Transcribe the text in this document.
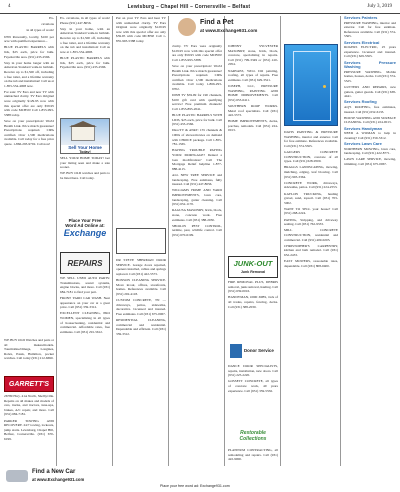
4	Lewisburg – Chapel Hill – Cornersville – Belfast	July 3, 2019

Ex-

cavations

in all types of work!

6709 Personally, locally, $100 per acre with qualified experience...

BLUE PLASTIC BARRELS with lids, $25 each, price for bulk. Fayetteville area. (931) 433-2566.

Stay in your home longer with an American Standard walk-in bathtub. Receive up to $1,500 off, including a free toilet, and a lifetime warranty on the tub and installation! Call us at 1-855-534-4008 now.

For sale: TV Ears and new TV with unmatched clarity. TV Ears Original were originally $129.95 now with this special offer are only $59.95 with code MCB59! Call 1-855-993-5388 today.

Save on your prescription! World Health Link. Price match guarantee! Prescriptions required. CIPA certified. Over 1,500 medications available. Call today for a free price quote. 1-866-293-9702. Call now!

WE BUY OLD Watches and parts or all makes/models. Tourmaline/Omega, Longines, Rolex, Patek, Hamilton, pocket watches. Call today (931) 212-6690.

GARRETT'S

26789 Hwy. 41A North, Shelbyville. Repairs on all makes and models of cars, trucks, and tractors, tune-ups, brakes, A/C repair, and more. Call (931) 684-7181.

PARKER TOWING AND RECOVERY. 24/7 towing, lockouts, jump starts. Lewisburg, Chapel Hill, Belfast, Cornersville. (931) 670-6199.

Ex- cavations, in all types of work! Phone (931) 447-8656.

Stay in your home, with an American Standard walk-in bathtub. Receive up to $1,500 off, including a free toilet, and a lifetime warranty on the tub and installation! Call us now at 1-855-534-4008.

BLUE PLASTIC BARRELS with lids, $25 each, price for bulk. Fayetteville area. (931) 433-2566.

Sell Your Home
Today!

SELL YOUR HOME TODAY! Get your listing seen and make a sale sooner.

WE BUY OLD watches and parts to be listed here. Call today.

Place Your Free
Word Ad Online at:
Exchange
REPAIRS

WE SELL USED AUTO PARTS: Transmissions, sound systems, engine blocks, and more. Call (931) 684-7181 to find your part.

FRONT YARD CAR WASH. Neat appearance on your car at a great price. Call (931) 359-3312.

EXCELLENT CLEANING, PRO WOMEN, specializing in all types of housecleaning, residential and commercial. Affordable rates, free estimates. Call (931) 291-5612.

Put on your TV Ears and hear TV with unmatched clarity. TV Ears Original were originally $129.95 now with this special offer are only $59.95 with code MCB59! Call 1-855-993-5388 today.

DR STEVE SHERMAN DOOR SERVICE. Garage doors repaired, openers installed, cables and springs replaced. Call (931) 422-5573.

BOXSON CLEANING SERVICE. Move in/out, offices, storefronts, homes. References available. Call (931) 202-4118.

CUSTOM CONCRETE, TN — driveways, patios, sidewalks, decorative. Licensed and insured. Free estimates. Call (931) 675-0067.

RESIDENTIAL CLEANING, commercial and residential. Dependable and efficient. Call (931) 359-3312.

Find a Pet
at www.Exchange931.com

clarity. TV Ears were originally $129.95 now with this special offer are only $59.95 with code MCB59! Call 1-855-993-5388.

Save on your prescription! World Health Link. Price match guarantee! Prescriptions required. CIPA certified. Over 1,500 medications available. Call today 1-866-293-9702.

DISH TV $59.99 for 190 channels, $100 gift card with qualifying service! Free premium channels! Call 1-855-895-2041.

BLUE PLASTIC BARRELS WITH LIDS, $25 each, price for bulk. Call (931) 433-2566.

DirecTV & AT&T: 155 channels & 1000s of shows/movies on demand with CHOICE package. Call 1-855-781-1565.

HAVING TROUBLE PAYING YOUR MORTGAGE? Denied a loan modification? Call The Mortgage Relief helpline 1-877-888-4115.

ALL NEW TREE SERVICE and landscaping. Free estimates, fully insured. Call (931) 447-8656.

WILLIAMS HOME AND YARD IMPROVEMENTS, lawn care, landscaping, gutter cleaning. Call (931) 652-1170.

RAGUSA MASONRY, brick, block, stone, concrete work. Free estimates. Call (931) 388-2030.

SHOO-IN PEST CONTROL, termite, pest, wildlife control. Call (931) 670-6199.

JOHNNY SYLVESTER MASONRY, stone, brick, block, concrete, specializing in repairs. Call (931) 799-3349 or (931) 410-2054.

NARVAEZ, WILL DO painting, roofing, all types of repairs. Free estimates. Call (931) 629-3521.

JOSEPH, LLC, PRESSURE WASHING, PAINTING AND HOME IMPROVEMENTS. Call (931) 653-6411.

SOUTHERN ROOF WORKS. Metal roof specialists. Call (931) 422-5573.

HOME IMPROVEMENTS, decks, porches, remodels. Call (931) 224-0013.

JUNK-OUT
Junk Removal

FIRE REMOVAL PLUS, DEBRIS removal, junk removal, hauling. Call (931) 639-0016.

HANDYMAN, ODD JOBS, Jack of all trades, repairs, fencing, decks. Call (931) 388-2030.

Donor Service

DANCE DOOR SPECIALISTS, repairs, installation, new doors. Call (931) 225-2220.

GOSSETT CONCRETE, all types of concrete work, 40 years experience. Call (931) 359-5556.

Restorable Collections

PLATINUM CONTRACTING, all remodeling and repairs. Call (931) 422-9000.

DAVIS PAINTING & PRESSURE WASHING, interior and exterior. Call for free estimate. References available. Call (931) 374-5565.

GAUGERS CONCRETE CONSTRUCTION, concrete of all types. Call (931) 628-9500.

BRAGGS LANDSCAPING, mowing, mulching, edging, leaf blowing. Call (931) 993-3364.

CONCRETE WORK, driveways, sidewalks, patios. Call (931) 224-2553.

KAYLON TRUCKING, hauling gravel, sand, topsoil. Call (931) 703-5002.

WANT TO SELL your house? Call (931) 268-2224.

PAVING, Stripping, and driveway sealing. Call (931) 762-9333.

MILL CONCRETE CONSTRUCTION, residential and commercial. Call (931) 409-0203.

CHRISTOPHER'S CARPENTRY, kitchen and bath remodel. Call (931) 652-2433.

EAST MOWERS, reasonable rates, dependable. Call (931) 808-0400.

Services Painters

PRESSURE WASHING, interior and exterior. Call for free estimate. References available. Call (931) 374-5565.

Services Electrical

ROGERS ELECTRIC, 25 years experience. Licensed and insured. Call (931) 629-5565.

Services Pressure Washing

PRESSURE WASHING. Mobile homes, houses, decks. Call (931) 374-5525.

GUTTERS AND REPAIRS, new gutters, gutter guards. Call (931) 638-4441.

Services Roofing

AQ'S ROOFING, free estimates, insured. Call (931) 632-6133.

HOUSE WASHING AND SURFACE CLEANING. Call (931) 224-0013.

Services Handyman

NEED A WOMAN to help in cleaning? Call (931) 359-3312.

Services Lawn Care

NORTHERN MOWING, lawn care, landscaping. Call (931) 422-8771.

LAWN CARE SERVICE, mowing, trimming. Call (931) 675-0067.

Find a New Car
at www.Exchange931.com
Place your free word ad: Exchange931.com
